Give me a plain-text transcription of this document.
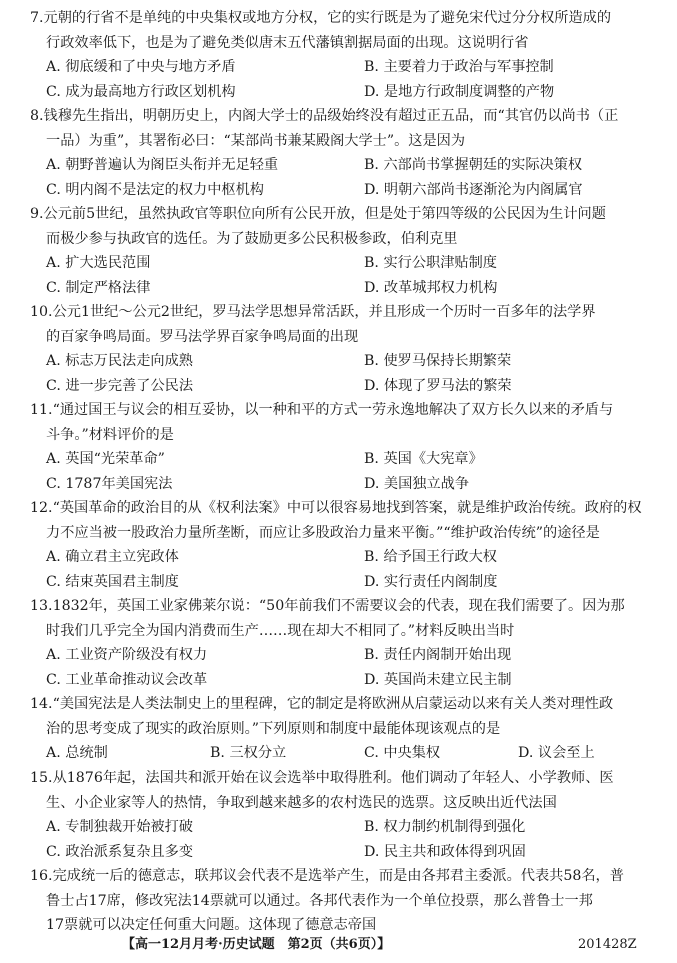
7.元朝的行省不是单纯的中央集权或地方分权，它的实行既是为了避免宋代过分分权所造成的
行政效率低下，也是为了避免类似唐末五代藩镇割据局面的出现。这说明行省
A. 彻底缓和了中央与地方矛盾	B. 主要着力于政治与军事控制
C. 成为最高地方行政区划机构	D. 是地方行政制度调整的产物
8.钱穆先生指出，明朝历史上，内阁大学士的品级始终没有超过正五品，而“其官仍以尚书（正
一品）为重”，其署衔必曰：“某部尚书兼某殿阁大学士”。这是因为
A. 朝野普遍认为阁臣头衔并无足轻重	B. 六部尚书掌握朝廷的实际决策权
C. 明内阁不是法定的权力中枢机构	D. 明朝六部尚书逐渐沦为内阁属官
9.公元前5世纪，虽然执政官等职位向所有公民开放，但是处于第四等级的公民因为生计问题
而极少参与执政官的选任。为了鼓励更多公民积极参政，伯利克里
A. 扩大选民范围	B. 实行公职津贴制度
C. 制定严格法律	D. 改革城邦权力机构
10.公元1世纪～公元2世纪，罗马法学思想异常活跃，并且形成一个历时一百多年的法学界
的百家争鸣局面。罗马法学界百家争鸣局面的出现
A. 标志万民法走向成熟	B. 使罗马保持长期繁荣
C. 进一步完善了公民法	D. 体现了罗马法的繁荣
11.“通过国王与议会的相互妥协，以一种和平的方式一劳永逸地解决了双方长久以来的矛盾与
斗争。”材料评价的是
A. 英国“光荣革命”	B. 英国《大宪章》
C. 1787年美国宪法	D. 美国独立战争
12.“英国革命的政治目的从《权利法案》中可以很容易地找到答案，就是维护政治传统。政府的权
力不应当被一股政治力量所垄断，而应让多股政治力量来平衡。”“维护政治传统”的途径是
A. 确立君主立宪政体	B. 给予国王行政大权
C. 结束英国君主制度	D. 实行责任内阁制度
13.1832年，英国工业家佛莱尔说：“50年前我们不需要议会的代表，现在我们需要了。因为那
时我们几乎完全为国内消费而生产……现在却大不相同了。”材料反映出当时
A. 工业资产阶级没有权力	B. 责任内阁制开始出现
C. 工业革命推动议会改革	D. 英国尚未建立民主制
14.“美国宪法是人类法制史上的里程碑，它的制定是将欧洲从启蒙运动以来有关人类对理性政
治的思考变成了现实的政治原则。”下列原则和制度中最能体现该观点的是
A. 总统制	B. 三权分立	C. 中央集权	D. 议会至上
15.从1876年起，法国共和派开始在议会选举中取得胜利。他们调动了年轻人、小学教师、医
生、小企业家等人的热情，争取到越来越多的农村选民的选票。这反映出近代法国
A. 专制独裁开始被打破	B. 权力制约机制得到强化
C. 政治派系复杂且多变	D. 民主共和政体得到巩固
16.完成统一后的德意志，联邦议会代表不是选举产生，而是由各邦君主委派。代表共58名，普
鲁士占17席，修改宪法14票就可以通过。各邦代表作为一个单位投票，那么普鲁士一邦
17票就可以决定任何重大问题。这体现了德意志帝国
【高一12月月考·历史试题　第2页（共6页）】	201428Z
